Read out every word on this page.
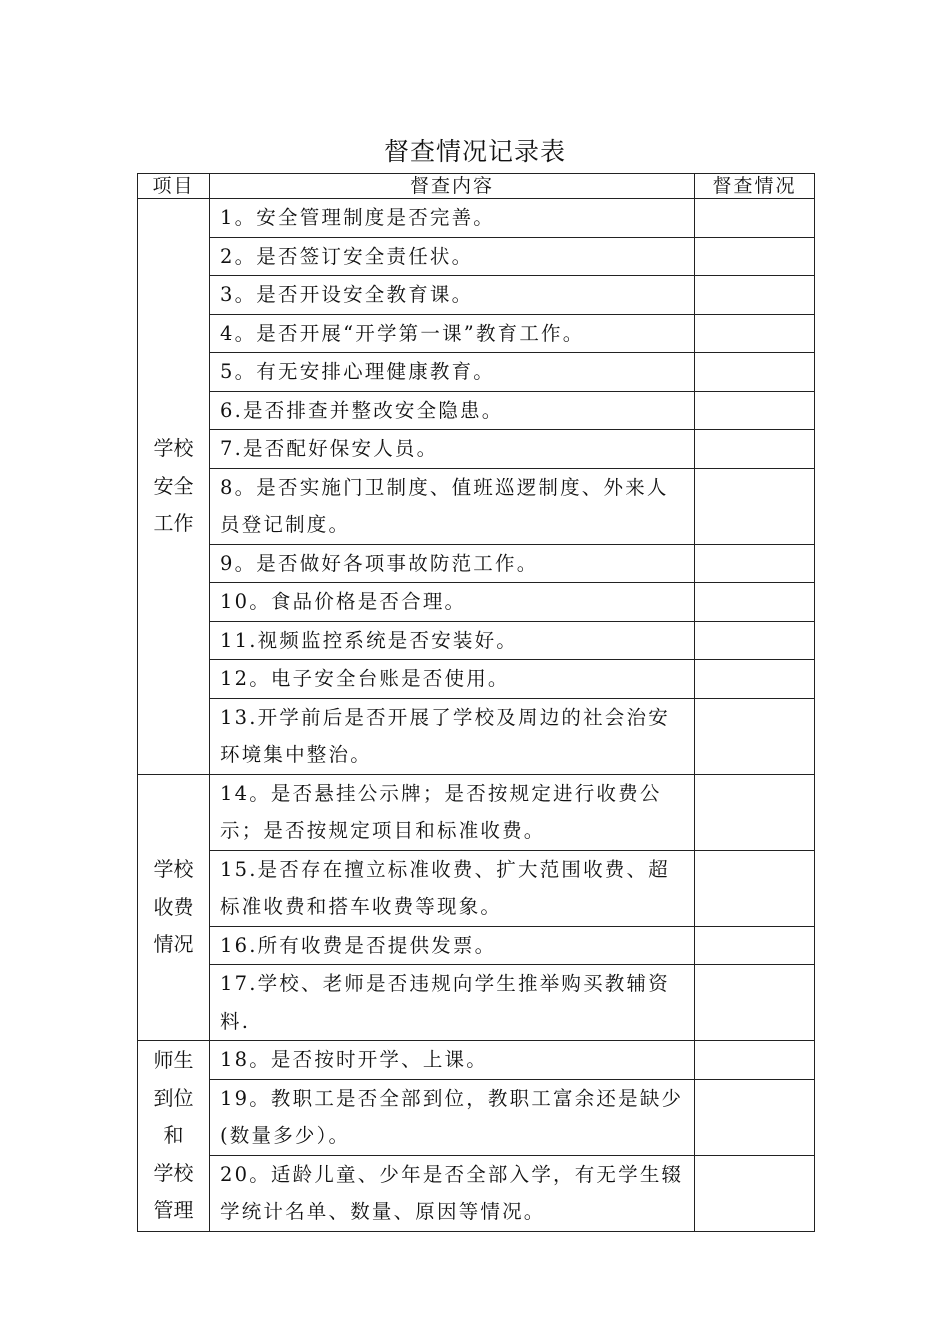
督查情况记录表
项目	督查内容	督查情况

学校
安全
工作	1。安全管理制度是否完善。	
	2。是否签订安全责任状。	
	3。是否开设安全教育课。	
	4。是否开展“开学第一课”教育工作。	
	5。有无安排心理健康教育。	
	6.是否排查并整改安全隐患。	
	7.是否配好保安人员。	
	8。是否实施门卫制度、值班巡逻制度、外来人员登记制度。	
	9。是否做好各项事故防范工作。	
	10。食品价格是否合理。	
	11.视频监控系统是否安装好。	
	12。电子安全台账是否使用。	
	13.开学前后是否开展了学校及周边的社会治安环境集中整治。	

学校
收费
情况	14。是否悬挂公示牌；是否按规定进行收费公示；是否按规定项目和标准收费。	
	15.是否存在擅立标准收费、扩大范围收费、超标准收费和搭车收费等现象。	
	16.所有收费是否提供发票。	
	17.学校、老师是否违规向学生推举购买教辅资料.	

师生
到位
和
学校
管理	18。是否按时开学、上课。	
	19。教职工是否全部到位，教职工富余还是缺少(数量多少）。	
	20。适龄儿童、少年是否全部入学，有无学生辍学统计名单、数量、原因等情况。	
